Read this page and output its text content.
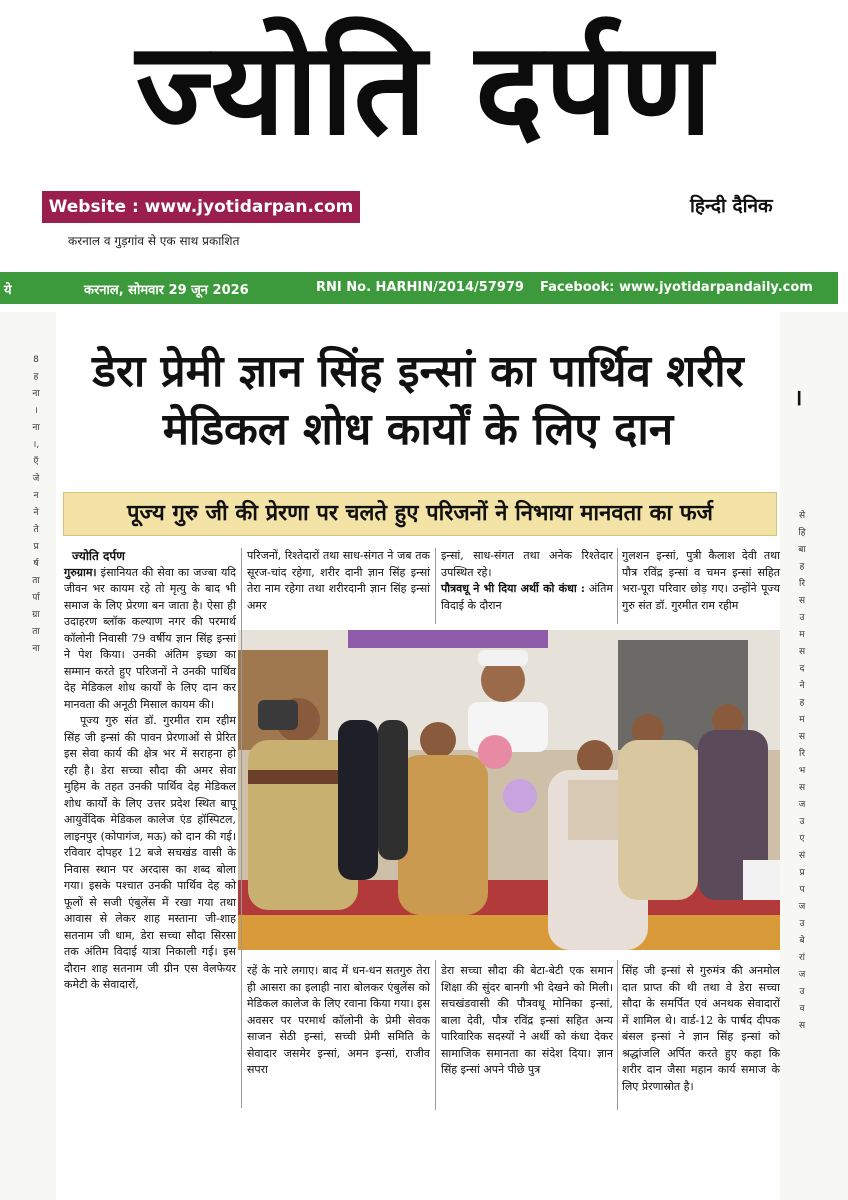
ज्योति दर्पण
Website : www.jyotidarpan.com	हिन्दी दैनिक
करनाल व गुड़गांव से एक साथ प्रकाशित
ये	करनाल, सोमवार 29 जून 2026	RNI No. HARHIN/2014/57979 Facebook: www.jyotidarpandaily.com
8
ह
ना
।
ना
।,
एँ
जे
न
ने
ते
प्र
र्ष
ता
र्पा
ग्रा
ता
ना
।
से
हि
बा
ह
रि
स
उ
म
स
द
ने
ह
म
स
रि
भ
स
ज
उ
ए
सं
प्र
प
ज
उ
बे
रां
ज
उ
व
स
डेरा प्रेमी ज्ञान सिंह इन्सां का पार्थिव शरीर
मेडिकल शोध कार्यों के लिए दान
पूज्य गुरु जी की प्रेरणा पर चलते हुए परिजनों ने निभाया मानवता का फर्ज
ज्योति दर्पण
गुरुग्राम। इंसानियत की सेवा का जज्बा यदि जीवन भर कायम रहे तो मृत्यु के बाद भी समाज के लिए प्रेरणा बन जाता है। ऐसा ही उदाहरण ब्लॉक कल्याण नगर की परमार्थ कॉलोनी निवासी 79 वर्षीय ज्ञान सिंह इन्सां ने पेश किया। उनकी अंतिम इच्छा का सम्मान करते हुए परिजनों ने उनकी पार्थिव देह मेडिकल शोध कार्यों के लिए दान कर मानवता की अनूठी मिसाल कायम की।
पूज्य गुरु संत डॉ. गुरमीत राम रहीम सिंह जी इन्सां की पावन प्रेरणाओं से प्रेरित इस सेवा कार्य की क्षेत्र भर में सराहना हो रही है। डेरा सच्चा सौदा की अमर सेवा मुहिम के तहत उनकी पार्थिव देह मेडिकल शोध कार्यों के लिए उत्तर प्रदेश स्थित बापू आयुर्वेदिक मेडिकल कालेज एंड हॉस्पिटल, लाइनपुर (कोपागंज, मऊ) को दान की गई। रविवार दोपहर 12 बजे सचखंड वासी के निवास स्थान पर अरदास का शब्द बोला गया। इसके पश्चात उनकी पार्थिव देह को फूलों से सजी एंबुलेंस में रखा गया तथा आवास से लेकर शाह मस्ताना जी-शाह सतनाम जी धाम, डेरा सच्चा सौदा सिरसा तक अंतिम विदाई यात्रा निकाली गई। इस दौरान शाह सतनाम जी ग्रीन एस वेलफेयर कमेटी के सेवादारों,
परिजनों, रिश्तेदारों तथा साध-संगत ने जब तक सूरज-चांद रहेगा, शरीर दानी ज्ञान सिंह इन्सां तेरा नाम रहेगा तथा शरीरदानी ज्ञान सिंह इन्सां अमर
इन्सां, साध-संगत तथा अनेक रिश्तेदार उपस्थित रहे।
पौत्रवधू ने भी दिया अर्थी को कंधा : अंतिम विदाई के दौरान
गुलशन इन्सां, पुत्री कैलाश देवी तथा पौत्र रविंद्र इन्सां व चमन इन्सां सहित भरा-पूरा परिवार छोड़ गए। उन्होंने पूज्य गुरु संत डॉ. गुरमीत राम रहीम
रहें के नारे लगाए। बाद में धन-धन सतगुरु तेरा ही आसरा का इलाही नारा बोलकर एंबुलेंस को मेडिकल कालेज के लिए रवाना किया गया। इस अवसर पर परमार्थ कॉलोनी के प्रेमी सेवक साजन सेठी इन्सां, सच्ची प्रेमी समिति के सेवादार जसमेर इन्सां, अमन इन्सां, राजीव सपरा
डेरा सच्चा सौदा की बेटा-बेटी एक समान शिक्षा की सुंदर बानगी भी देखने को मिली। सचखंडवासी की पौत्रवधू मोनिका इन्सां, बाला देवी, पौत्र रविंद्र इन्सां सहित अन्य पारिवारिक सदस्यों ने अर्थी को कंधा देकर सामाजिक समानता का संदेश दिया। ज्ञान सिंह इन्सां अपने पीछे पुत्र
सिंह जी इन्सां से गुरुमंत्र की अनमोल दात प्राप्त की थी तथा वे डेरा सच्चा सौदा के समर्पित एवं अनथक सेवादारों में शामिल थे। वार्ड-12 के पार्षद दीपक बंसल इन्सां ने ज्ञान सिंह इन्सां को श्रद्धांजलि अर्पित करते हुए कहा कि शरीर दान जैसा महान कार्य समाज के लिए प्रेरणास्रोत है।
